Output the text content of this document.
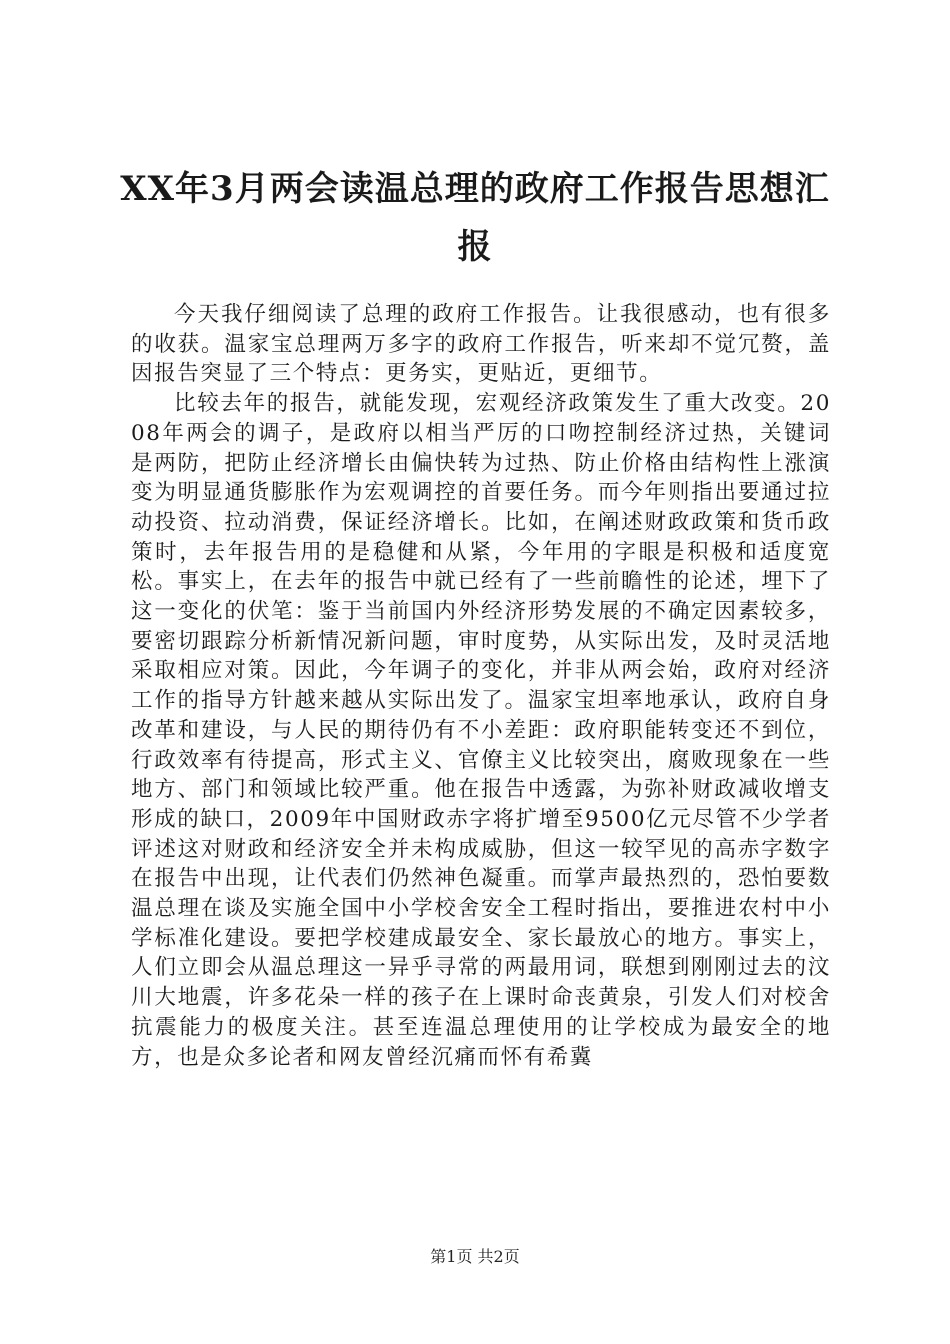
XX年3月两会读温总理的政府工作报告思想汇报

今天我仔细阅读了总理的政府工作报告。让我很感动，也有很多的收获。温家宝总理两万多字的政府工作报告，听来却不觉冗赘，盖因报告突显了三个特点：更务实，更贴近，更细节。

比较去年的报告，就能发现，宏观经济政策发生了重大改变。2008年两会的调子，是政府以相当严厉的口吻控制经济过热，关键词是两防，把防止经济增长由偏快转为过热、防止价格由结构性上涨演变为明显通货膨胀作为宏观调控的首要任务。而今年则指出要通过拉动投资、拉动消费，保证经济增长。比如，在阐述财政政策和货币政策时，去年报告用的是稳健和从紧，今年用的字眼是积极和适度宽松。事实上，在去年的报告中就已经有了一些前瞻性的论述，埋下了这一变化的伏笔：鉴于当前国内外经济形势发展的不确定因素较多，要密切跟踪分析新情况新问题，审时度势，从实际出发，及时灵活地采取相应对策。因此，今年调子的变化，并非从两会始，政府对经济工作的指导方针越来越从实际出发了。温家宝坦率地承认，政府自身改革和建设，与人民的期待仍有不小差距：政府职能转变还不到位，行政效率有待提高，形式主义、官僚主义比较突出，腐败现象在一些地方、部门和领域比较严重。他在报告中透露，为弥补财政减收增支形成的缺口，2009年中国财政赤字将扩增至9500亿元尽管不少学者评述这对财政和经济安全并未构成威胁，但这一较罕见的高赤字数字在报告中出现，让代表们仍然神色凝重。而掌声最热烈的，恐怕要数温总理在谈及实施全国中小学校舍安全工程时指出，要推进农村中小学标准化建设。要把学校建成最安全、家长最放心的地方。事实上，人们立即会从温总理这一异乎寻常的两最用词，联想到刚刚过去的汶川大地震，许多花朵一样的孩子在上课时命丧黄泉，引发人们对校舍抗震能力的极度关注。甚至连温总理使用的让学校成为最安全的地方，也是众多论者和网友曾经沉痛而怀有希冀

第1页 共2页
